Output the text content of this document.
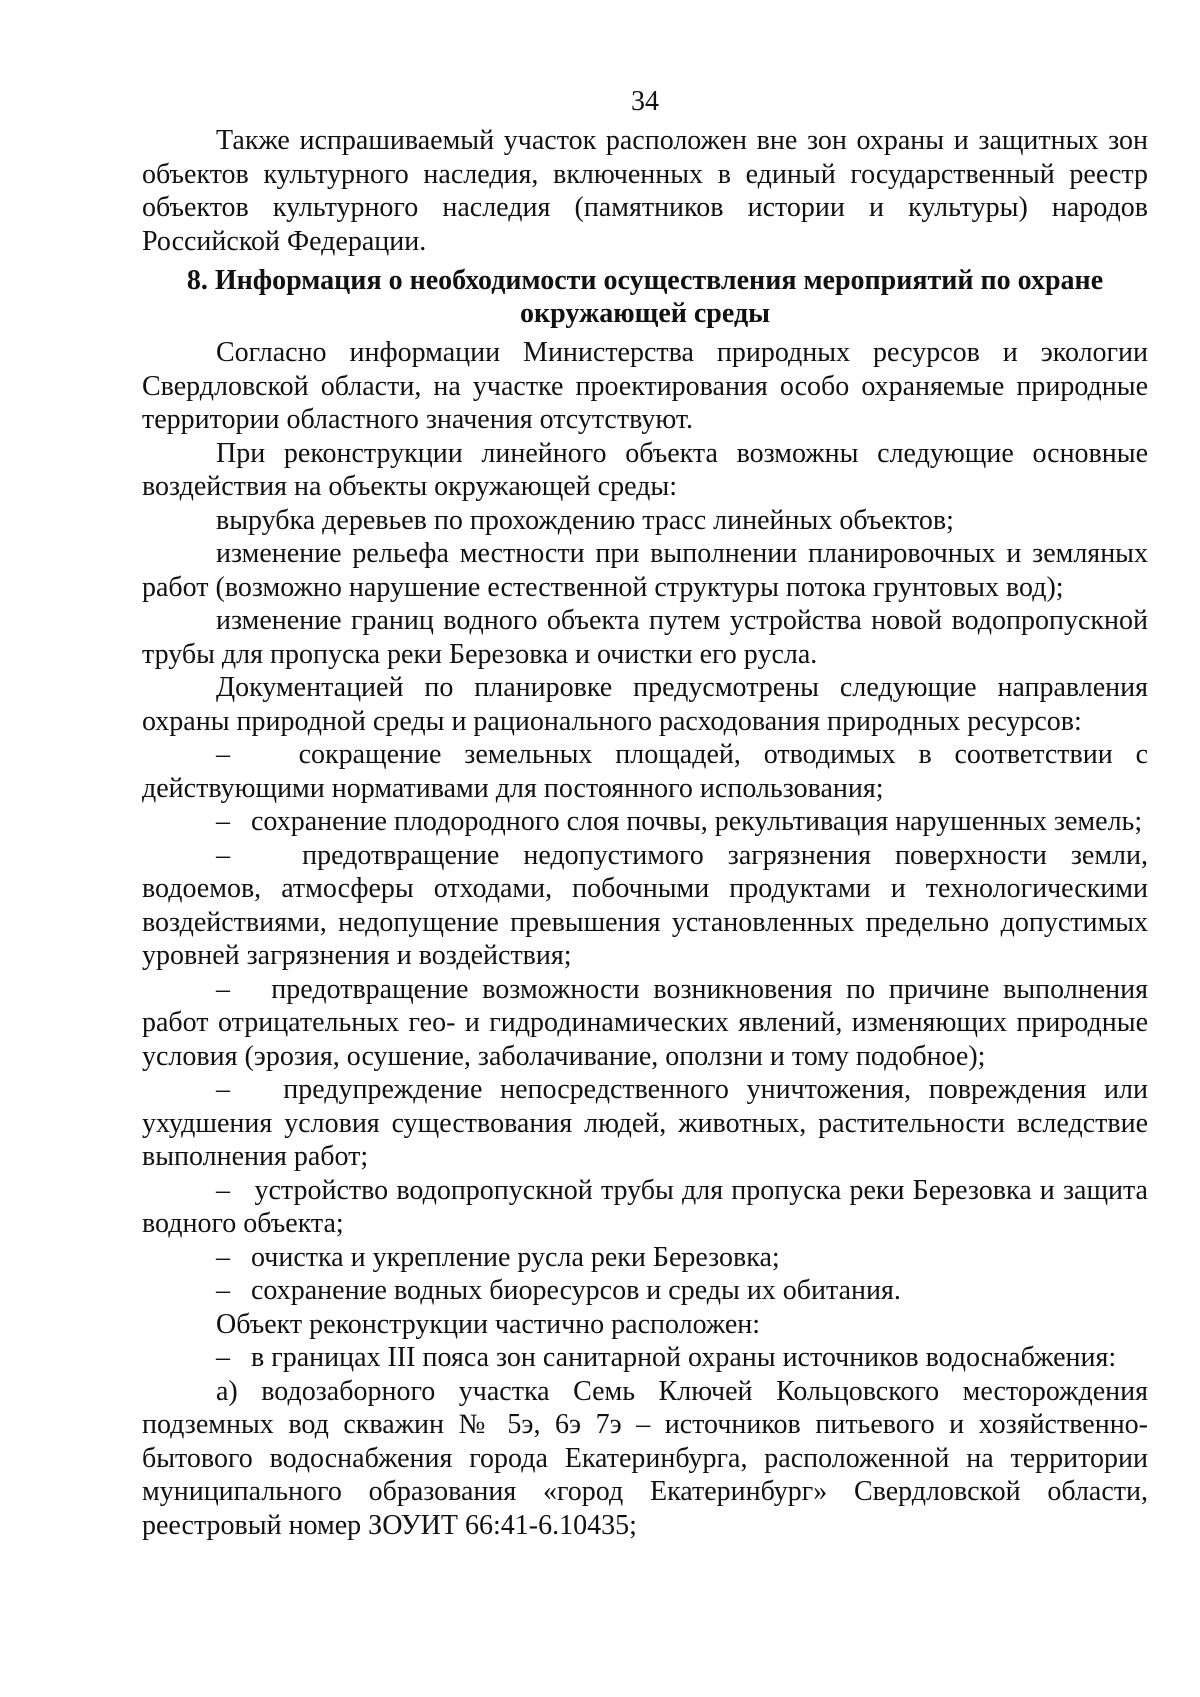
34

Также испрашиваемый участок расположен вне зон охраны и защитных зон объектов культурного наследия, включенных в единый государственный реестр объектов культурного наследия (памятников истории и культуры) народов Российской Федерации.

8. Информация о необходимости осуществления мероприятий по охране
окружающей среды

Согласно информации Министерства природных ресурсов и экологии Свердловской области, на участке проектирования особо охраняемые природные территории областного значения отсутствуют.

При реконструкции линейного объекта возможны следующие основные воздействия на объекты окружающей среды:

вырубка деревьев по прохождению трасс линейных объектов;

изменение рельефа местности при выполнении планировочных и земляных работ (возможно нарушение естественной структуры потока грунтовых вод);

изменение границ водного объекта путем устройства новой водопропускной трубы для пропуска реки Березовка и очистки его русла.

Документацией по планировке предусмотрены следующие направления охраны природной среды и рационального расходования природных ресурсов:

–   сокращение земельных площадей, отводимых в соответствии с действующими нормативами для постоянного использования;

–   сохранение плодородного слоя почвы, рекультивация нарушенных земель;

–   предотвращение недопустимого загрязнения поверхности земли, водоемов, атмосферы отходами, побочными продуктами и технологическими воздействиями, недопущение превышения установленных предельно допустимых уровней загрязнения и воздействия;

–   предотвращение возможности возникновения по причине выполнения работ отрицательных гео- и гидродинамических явлений, изменяющих природные условия (эрозия, осушение, заболачивание, оползни и тому подобное);

–   предупреждение непосредственного уничтожения, повреждения или ухудшения условия существования людей, животных, растительности вследствие выполнения работ;

–   устройство водопропускной трубы для пропуска реки Березовка и защита водного объекта;

–   очистка и укрепление русла реки Березовка;

–   сохранение водных биоресурсов и среды их обитания.

Объект реконструкции частично расположен:

–   в границах III пояса зон санитарной охраны источников водоснабжения:

а) водозаборного участка Семь Ключей Кольцовского месторождения подземных вод скважин № 5э, 6э 7э – источников питьевого и хозяйственно-бытового водоснабжения города Екатеринбурга, расположенной на территории муниципального образования «город Екатеринбург» Свердловской области, реестровый номер ЗОУИТ 66:41-6.10435;
